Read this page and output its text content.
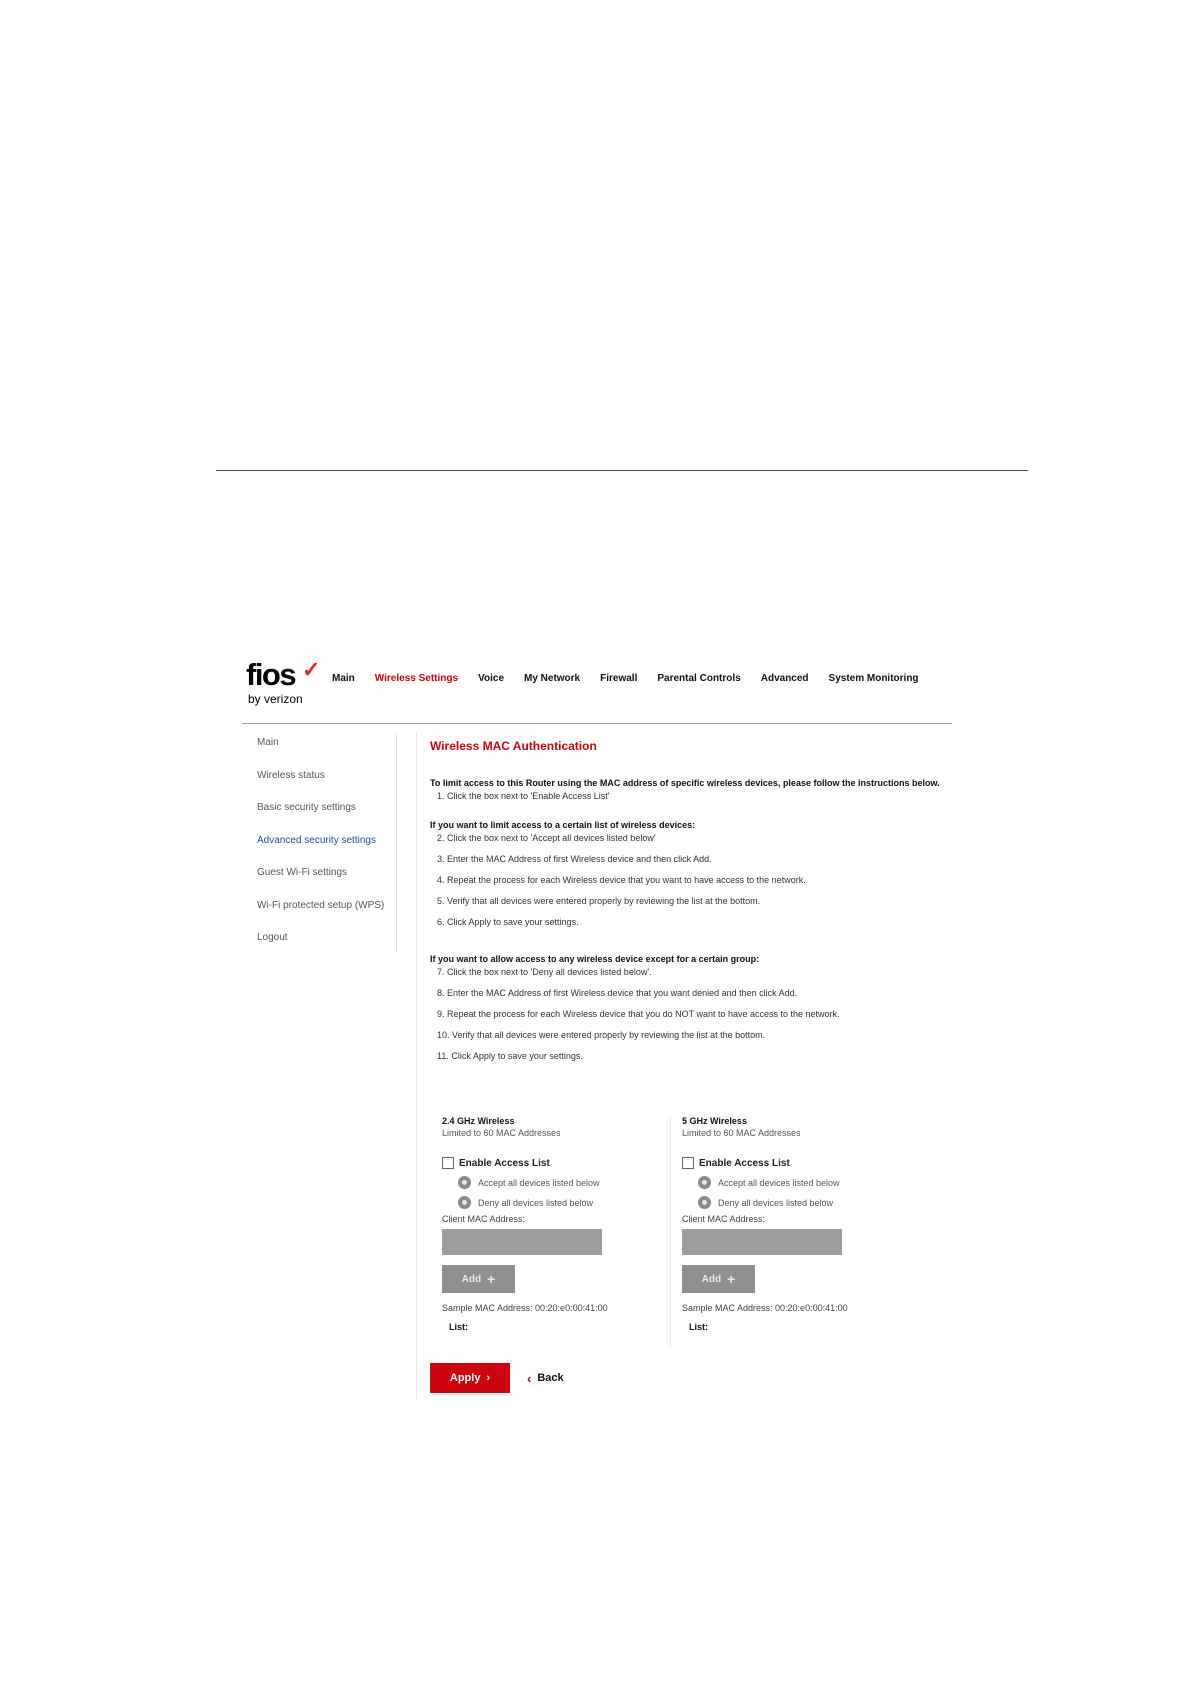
fios ✓
by verizon
Main Wireless Settings Voice My Network Firewall Parental Controls Advanced System Monitoring
Main
Wireless status
Basic security settings
Advanced security settings
Guest Wi-Fi settings
Wi-Fi protected setup (WPS)
Logout
Wireless MAC Authentication
To limit access to this Router using the MAC address of specific wireless devices, please follow the instructions below.
1. Click the box next to 'Enable Access List'
If you want to limit access to a certain list of wireless devices:
2. Click the box next to 'Accept all devices listed below'
3. Enter the MAC Address of first Wireless device and then click Add.
4. Repeat the process for each Wireless device that you want to have access to the network.
5. Verify that all devices were entered properly by reviewing the list at the bottom.
6. Click Apply to save your settings.
If you want to allow access to any wireless device except for a certain group:
7. Click the box next to 'Deny all devices listed below'.
8. Enter the MAC Address of first Wireless device that you want denied and then click Add.
9. Repeat the process for each Wireless device that you do NOT want to have access to the network.
10. Verify that all devices were entered properly by reviewing the list at the bottom.
11. Click Apply to save your settings.
2.4 GHz Wireless
Limited to 60 MAC Addresses
Enable Access List
Accept all devices listed below
Deny all devices listed below
Client MAC Address:
Add +
Sample MAC Address: 00:20:e0:00:41:00
List:
5 GHz Wireless
Limited to 60 MAC Addresses
Enable Access List
Accept all devices listed below
Deny all devices listed below
Client MAC Address:
Add +
Sample MAC Address: 00:20:e0:00:41:00
List:
Apply ›	‹ Back
